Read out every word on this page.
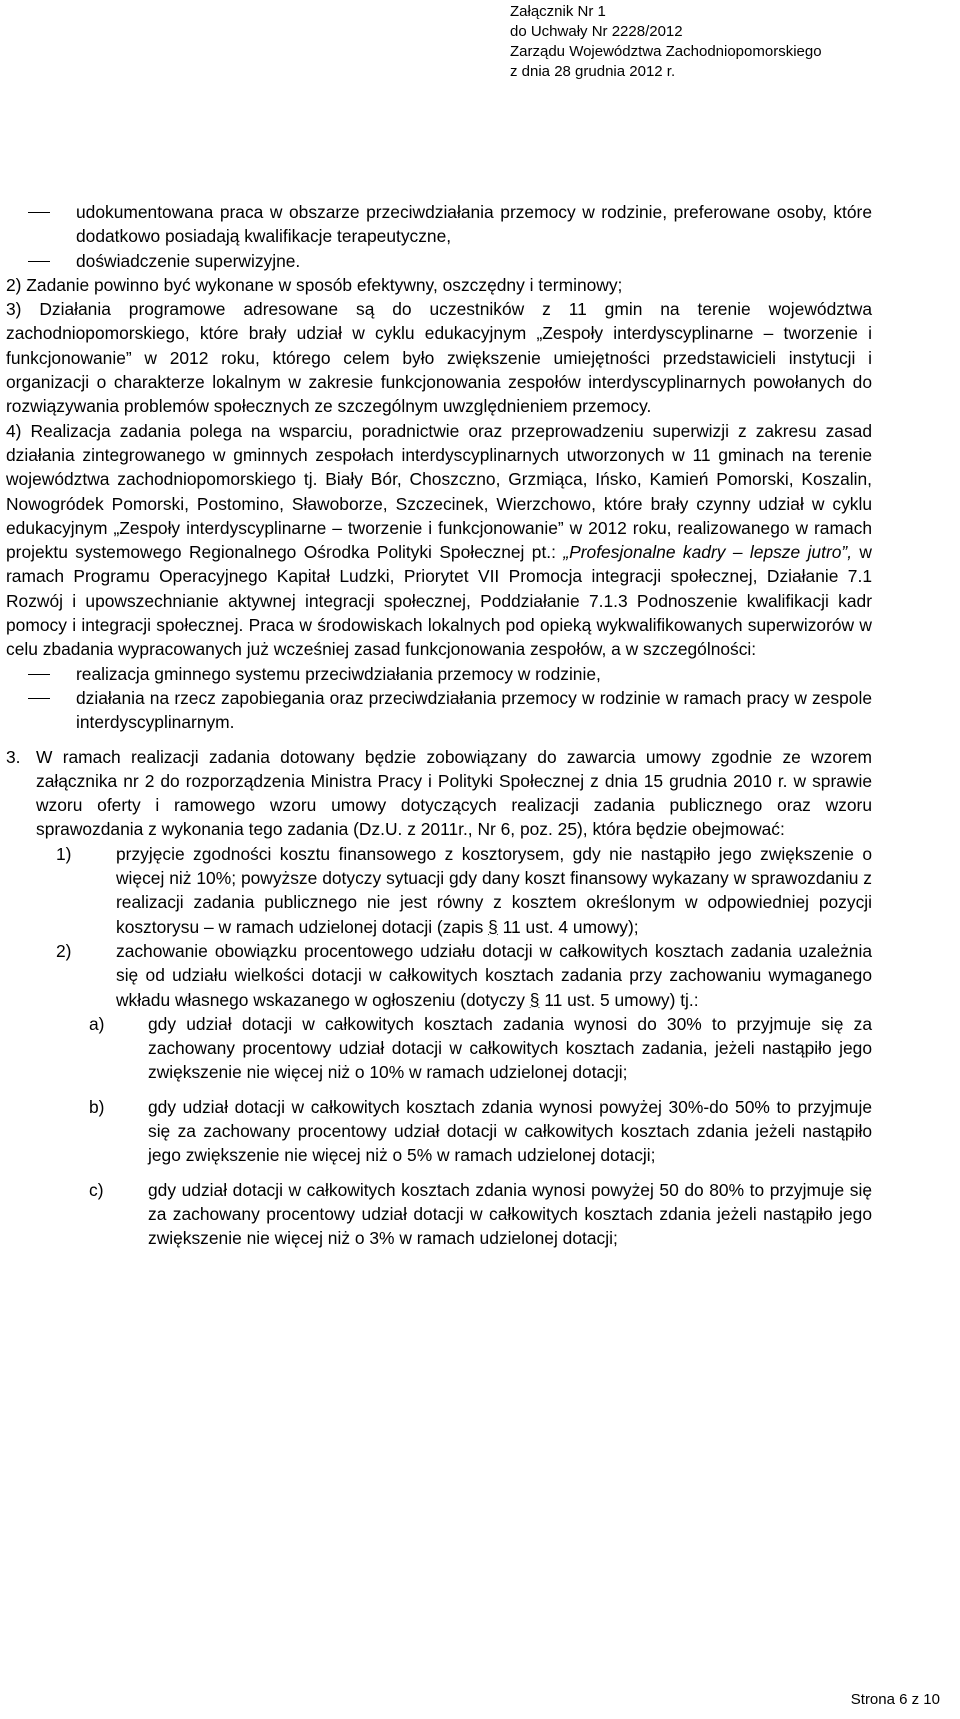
Załącznik Nr 1
do Uchwały Nr 2228/2012
Zarządu Województwa Zachodniopomorskiego
z dnia 28 grudnia 2012 r.

udokumentowana praca w obszarze przeciwdziałania przemocy w rodzinie, preferowane osoby, które dodatkowo posiadają kwalifikacje terapeutyczne,

doświadczenie superwizyjne.

2) Zadanie powinno być wykonane w sposób efektywny, oszczędny i terminowy;

3) Działania programowe adresowane są do uczestników z 11 gmin na terenie województwa zachodniopomorskiego, które brały udział w cyklu edukacyjnym „Zespoły interdyscyplinarne – tworzenie i funkcjonowanie” w 2012 roku, którego celem było zwiększenie umiejętności przedstawicieli instytucji i organizacji o charakterze lokalnym w zakresie funkcjonowania zespołów interdyscyplinarnych powołanych do rozwiązywania problemów społecznych ze szczególnym uwzględnieniem przemocy.

4) Realizacja zadania polega na wsparciu, poradnictwie oraz przeprowadzeniu superwizji z zakresu zasad działania zintegrowanego w gminnych zespołach interdyscyplinarnych utworzonych w 11 gminach na terenie województwa zachodniopomorskiego tj. Biały Bór, Choszczno, Grzmiąca, Ińsko, Kamień Pomorski, Koszalin, Nowogródek Pomorski, Postomino, Sławoborze, Szczecinek, Wierzchowo, które brały czynny udział w cyklu edukacyjnym „Zespoły interdyscyplinarne – tworzenie i funkcjonowanie” w 2012 roku, realizowanego w ramach projektu systemowego Regionalnego Ośrodka Polityki Społecznej pt.: „Profesjonalne kadry – lepsze jutro”, w ramach Programu Operacyjnego Kapitał Ludzki, Priorytet VII Promocja integracji społecznej, Działanie 7.1 Rozwój i upowszechnianie aktywnej integracji społecznej, Poddziałanie 7.1.3 Podnoszenie kwalifikacji kadr pomocy i integracji społecznej. Praca w środowiskach lokalnych pod opieką wykwalifikowanych superwizorów w celu zbadania wypracowanych już wcześniej zasad funkcjonowania zespołów, a w szczególności:

realizacja gminnego systemu przeciwdziałania przemocy w rodzinie,

działania na rzecz zapobiegania oraz przeciwdziałania przemocy w rodzinie w ramach pracy w zespole interdyscyplinarnym.

3. W ramach realizacji zadania dotowany będzie zobowiązany do zawarcia umowy zgodnie ze wzorem załącznika nr 2 do rozporządzenia Ministra Pracy i Polityki Społecznej z dnia 15 grudnia 2010 r. w sprawie wzoru oferty i ramowego wzoru umowy dotyczących realizacji zadania publicznego oraz wzoru sprawozdania z wykonania tego zadania (Dz.U. z 2011r., Nr 6, poz. 25), która będzie obejmować:

1)	przyjęcie zgodności kosztu finansowego z kosztorysem, gdy nie nastąpiło jego zwiększenie o więcej niż 10%; powyższe dotyczy sytuacji gdy dany koszt finansowy wykazany w sprawozdaniu z realizacji zadania publicznego nie jest równy z kosztem określonym w odpowiedniej pozycji kosztorysu – w ramach udzielonej dotacji (zapis § 11 ust. 4 umowy);
2)	zachowanie obowiązku procentowego udziału dotacji w całkowitych kosztach zadania uzależnia się od udziału wielkości dotacji w całkowitych kosztach zadania przy zachowaniu wymaganego wkładu własnego wskazanego w ogłoszeniu (dotyczy § 11 ust. 5 umowy) tj.:
a)	gdy udział dotacji w całkowitych kosztach zadania wynosi do 30% to przyjmuje się za zachowany procentowy udział dotacji w całkowitych kosztach zadania, jeżeli nastąpiło jego zwiększenie nie więcej niż o 10% w ramach udzielonej dotacji;
b)	gdy udział dotacji w całkowitych kosztach zdania wynosi powyżej 30%-do 50% to przyjmuje się za zachowany procentowy udział dotacji w całkowitych kosztach zdania jeżeli nastąpiło jego zwiększenie nie więcej niż o 5% w ramach udzielonej dotacji;
c)	gdy udział dotacji w całkowitych kosztach zdania wynosi powyżej 50 do 80% to przyjmuje się za zachowany procentowy udział dotacji w całkowitych kosztach zdania jeżeli nastąpiło jego zwiększenie nie więcej niż o 3% w ramach udzielonej dotacji;
Strona 6 z 10
